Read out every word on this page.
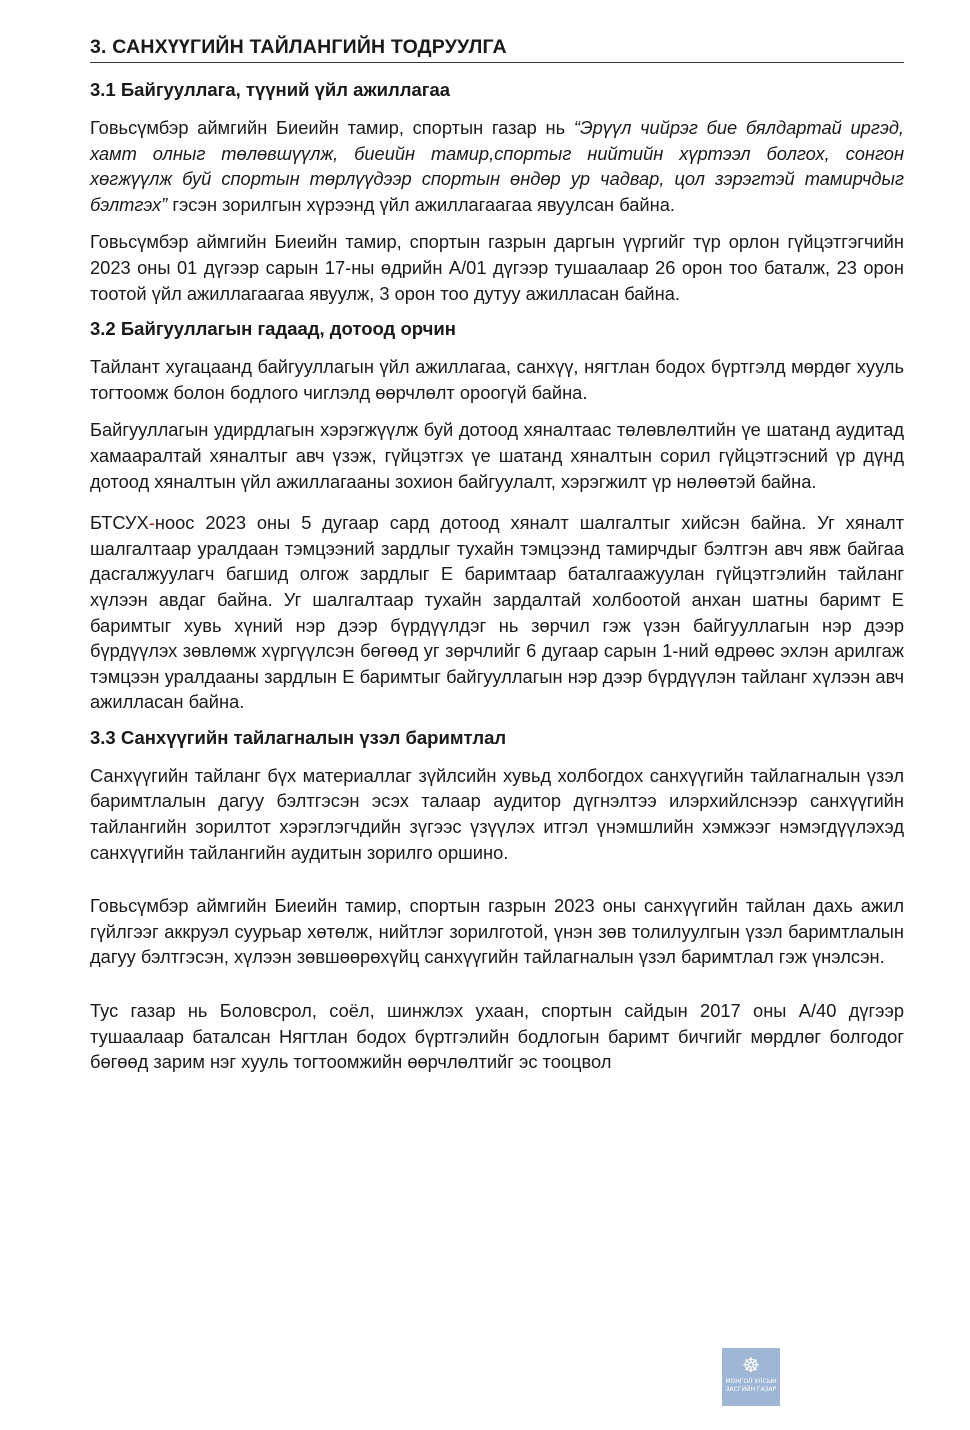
3. САНХҮҮГИЙН ТАЙЛАНГИЙН ТОДРУУЛГА
3.1 Байгууллага, түүний үйл ажиллагаа

Говьсүмбэр аймгийн Биеийн тамир, спортын газар нь “Эрүүл чийрэг бие бялдартай иргэд, хамт олныг төлөвшүүлж, биеийн тамир,спортыг нийтийн хүртээл болгох, сонгон хөгжүүлж буй спортын төрлүүдээр спортын өндөр ур чадвар, цол зэрэгтэй тамирчдыг бэлтгэх” гэсэн зорилгын хүрээнд үйл ажиллагаагаа явуулсан байна.

Говьсүмбэр аймгийн Биеийн тамир, спортын газрын даргын үүргийг түр орлон гүйцэтгэгчийн 2023 оны 01 дүгээр сарын 17-ны өдрийн А/01 дүгээр тушаалаар 26 орон тоо баталж, 23 орон тоотой үйл ажиллагаагаа явуулж, 3 орон тоо дутуу ажилласан байна.

3.2 Байгууллагын гадаад, дотоод орчин

Тайлант хугацаанд байгууллагын үйл ажиллагаа, санхүү, нягтлан бодох бүртгэлд мөрдөг хууль тогтоомж болон бодлого чиглэлд өөрчлөлт ороогүй байна.

Байгууллагын удирдлагын хэрэгжүүлж буй дотоод хяналтаас төлөвлөлтийн үе шатанд аудитад хамааралтай хяналтыг авч үзэж, гүйцэтгэх үе шатанд хяналтын сорил гүйцэтгэсний үр дүнд дотоод хяналтын үйл ажиллагааны зохион байгуулалт, хэрэгжилт үр нөлөөтэй байна.

БТСУХ-ноос 2023 оны 5 дугаар сард дотоод хяналт шалгалтыг хийсэн байна. Уг хяналт шалгалтаар уралдаан тэмцээний зардлыг тухайн тэмцээнд тамирчдыг бэлтгэн авч явж байгаа дасгалжуулагч багшид олгож зардлыг Е баримтаар баталгаажуулан гүйцэтгэлийн тайланг хүлээн авдаг байна. Уг шалгалтаар тухайн зардалтай холбоотой анхан шатны баримт Е баримтыг хувь хүний нэр дээр бүрдүүлдэг нь зөрчил гэж үзэн байгууллагын нэр дээр бүрдүүлэх зөвлөмж хүргүүлсэн бөгөөд уг зөрчлийг 6 дугаар сарын 1-ний өдрөөс эхлэн арилгаж тэмцээн уралдааны зардлын Е баримтыг байгууллагын нэр дээр бүрдүүлэн тайланг хүлээн авч ажилласан байна.

3.3 Санхүүгийн тайлагналын үзэл баримтлал

Санхүүгийн тайланг бүх материаллаг зүйлсийн хувьд холбогдох санхүүгийн тайлагналын үзэл баримтлалын дагуу бэлтгэсэн эсэх талаар аудитор дүгнэлтээ илэрхийлснээр санхүүгийн тайлангийн зорилтот хэрэглэгчдийн зүгээс үзүүлэх итгэл үнэмшлийн хэмжээг нэмэгдүүлэхэд санхүүгийн тайлангийн аудитын зорилго оршино.

Говьсүмбэр аймгийн Биеийн тамир, спортын газрын 2023 оны санхүүгийн тайлан дахь ажил гүйлгээг аккруэл суурьар хөтөлж, нийтлэг зорилготой, үнэн зөв толилуулгын үзэл баримтлалын дагуу бэлтгэсэн, хүлээн зөвшөөрөхүйц санхүүгийн тайлагналын үзэл баримтлал гэж үнэлсэн.

Тус газар нь Боловсрол, соёл, шинжлэх ухаан, спортын сайдын 2017 оны А/40 дүгээр тушаалаар баталсан Нягтлан бодох бүртгэлийн бодлогын баримт бичгийг мөрдлөг болгодог бөгөөд зарим нэг хууль тогтоомжийн өөрчлөлтийг эс тооцвол

☸
МОНГОЛ УЛСЫН
ЗАСГИЙН ГАЗАР
